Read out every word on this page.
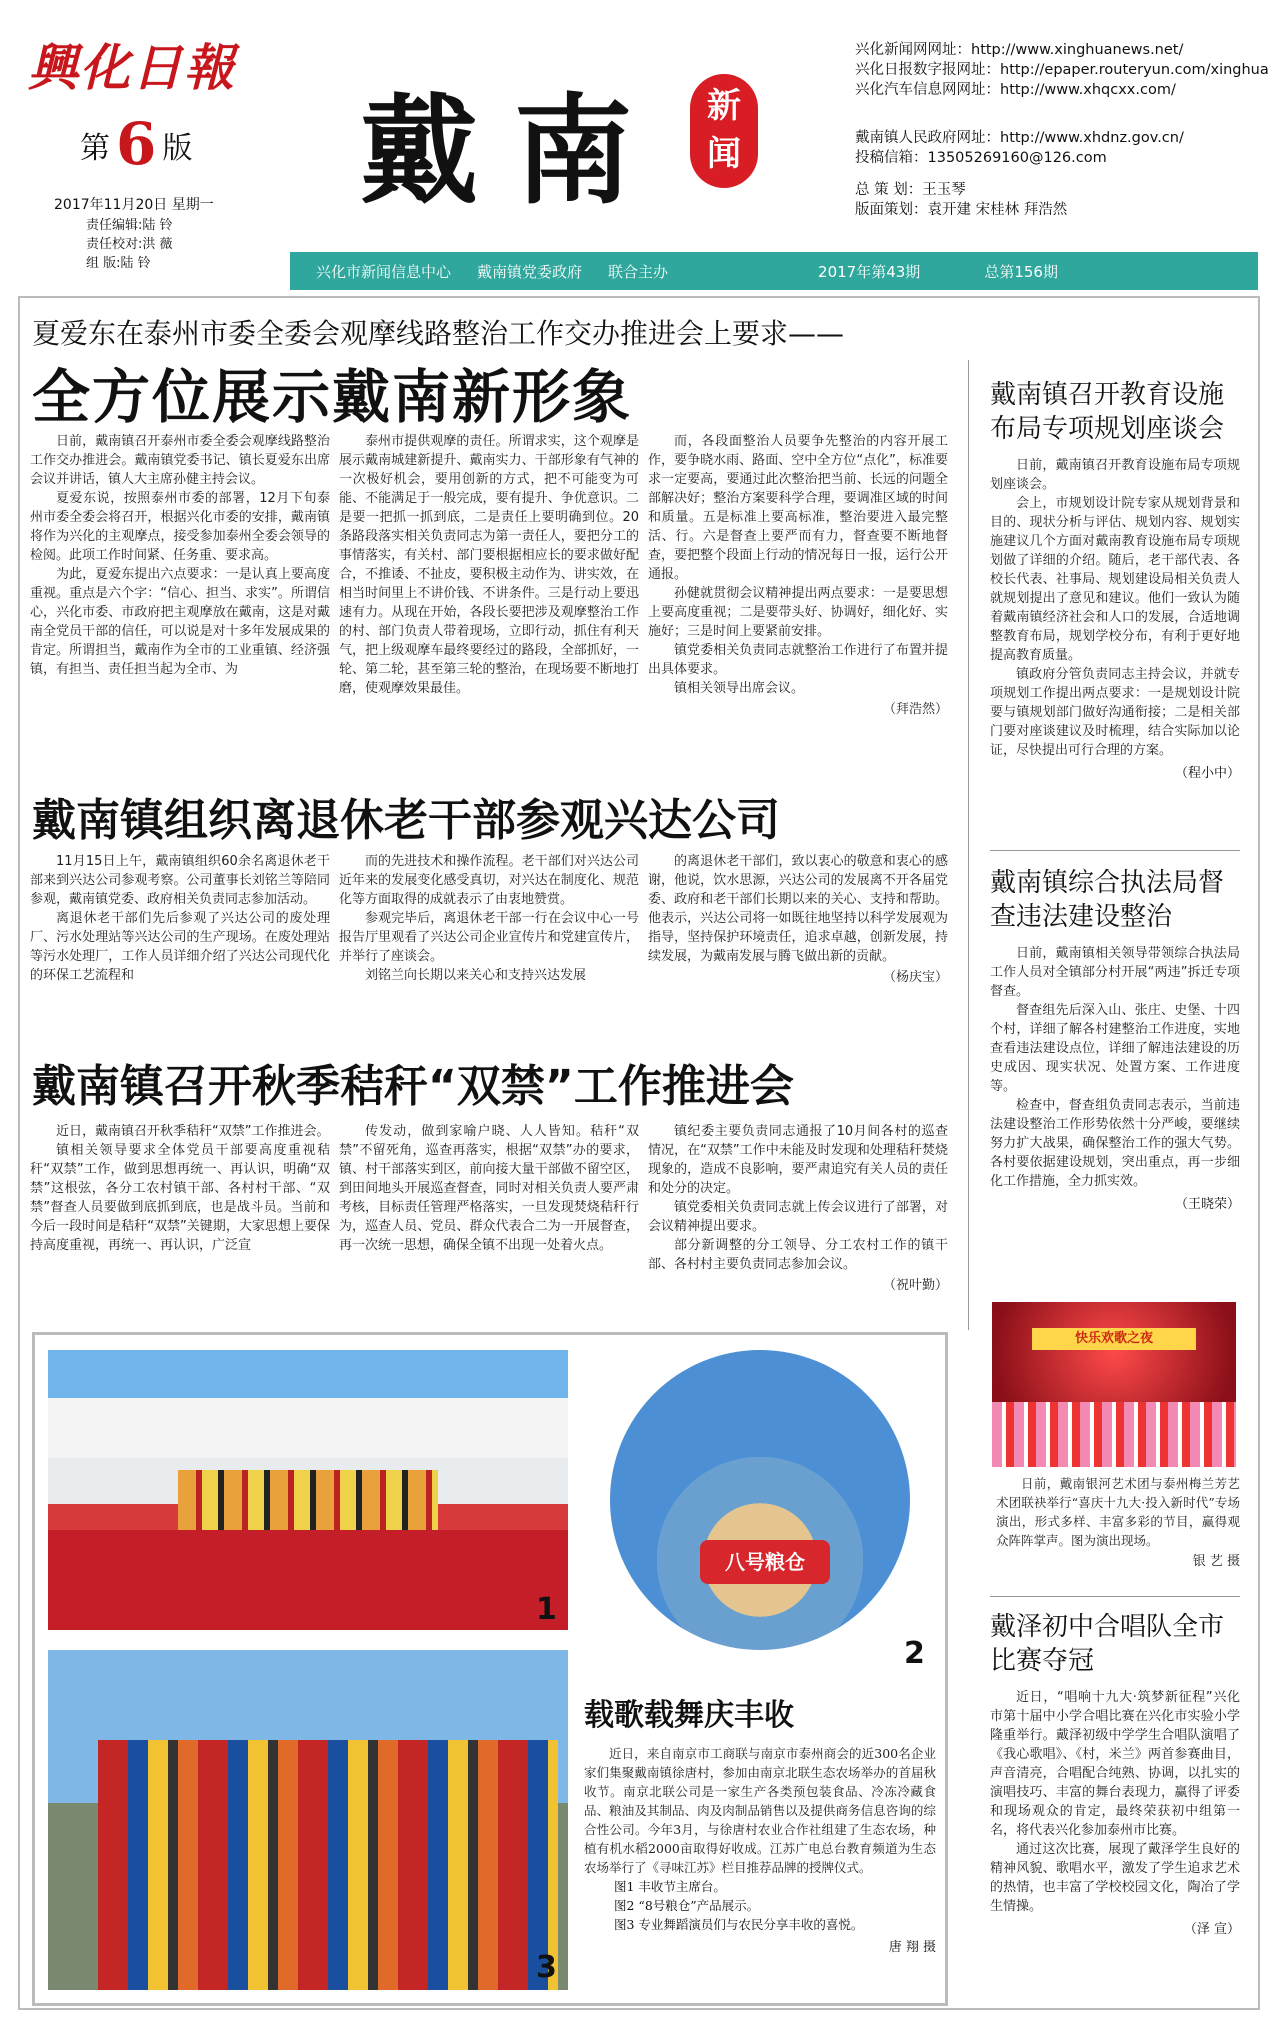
興化日報
第 6 版
2017年11月20日 星期一
责任编辑:陆 铃
责任校对:洪 薇
组 版:陆 铃
戴南	新
闻
兴化新闻网网址：http://www.xinghuanews.net/
兴化日报数字报网址：http://epaper.routeryun.com/xinghua
兴化汽车信息网网址：http://www.xhqcxx.com/
戴南镇人民政府网址：http://www.xhdnz.gov.cn/
投稿信箱：13505269160@126.com
总 策 划：王玉琴
版面策划：袁开建 宋桂林 拜浩然
兴化市新闻信息中心 戴南镇党委政府 联合主办	2017年第43期	总第156期
夏爱东在泰州市委全委会观摩线路整治工作交办推进会上要求——
全方位展示戴南新形象

日前，戴南镇召开泰州市委全委会观摩线路整治工作交办推进会。戴南镇党委书记、镇长夏爱东出席会议并讲话，镇人大主席孙健主持会议。

夏爱东说，按照泰州市委的部署，12月下旬泰州市委全委会将召开，根据兴化市委的安排，戴南镇将作为兴化的主观摩点，接受参加泰州全委会领导的检阅。此项工作时间紧、任务重、要求高。

为此，夏爱东提出六点要求：一是认真上要高度重视。重点是六个字：“信心、担当、求实”。所谓信心，兴化市委、市政府把主观摩放在戴南，这是对戴南全党员干部的信任，可以说是对十多年发展成果的肯定。所谓担当，戴南作为全市的工业重镇、经济强镇，有担当、责任担当起为全市、为

泰州市提供观摩的责任。所谓求实，这个观摩是展示戴南城建新提升、戴南实力、干部形象有气神的一次极好机会，要用创新的方式，把不可能变为可能、不能满足于一般完成，要有提升、争优意识。二是要一把抓一抓到底，二是责任上要明确到位。20条路段落实相关负责同志为第一责任人，要把分工的事情落实，有关村、部门要根据相应长的要求做好配合，不推诿、不扯皮，要积极主动作为、讲实效，在相当时间里上不讲价钱、不讲条件。三是行动上要迅速有力。从现在开始，各段长要把涉及观摩整治工作的村、部门负责人带着现场，立即行动，抓住有利天气，把上级观摩车最终要经过的路段，全部抓好，一轮、第二轮，甚至第三轮的整治，在现场要不断地打磨，使观摩效果最佳。

而，各段面整治人员要争先整治的内容开展工作，要争晓水雨、路面、空中全方位“点化”，标准要求一定要高，要通过此次整治把当前、长远的问题全部解决好；整治方案要科学合理，要调准区域的时间和质量。五是标准上要高标准，整治要进入最完整活、行。六是督查上要严而有力，督查要不断地督查，要把整个段面上行动的情况每日一报，运行公开通报。

孙健就贯彻会议精神提出两点要求：一是要思想上要高度重视；二是要带头好、协调好，细化好、实施好；三是时间上要紧前安排。

镇党委相关负责同志就整治工作进行了布置并提出具体要求。

镇相关领导出席会议。

（拜浩然）
戴南镇组织离退休老干部参观兴达公司

11月15日上午，戴南镇组织60余名离退休老干部来到兴达公司参观考察。公司董事长刘铭兰等陪同参观，戴南镇党委、政府相关负责同志参加活动。

离退休老干部们先后参观了兴达公司的废处理厂、污水处理站等兴达公司的生产现场。在废处理站等污水处理厂，工作人员详细介绍了兴达公司现代化的环保工艺流程和

而的先进技术和操作流程。老干部们对兴达公司近年来的发展变化感受真切，对兴达在制度化、规范化等方面取得的成就表示了由衷地赞赏。

参观完毕后，离退休老干部一行在会议中心一号报告厅里观看了兴达公司企业宣传片和党建宣传片，并举行了座谈会。

刘铭兰向长期以来关心和支持兴达发展

的离退休老干部们，致以衷心的敬意和衷心的感谢，他说，饮水思源，兴达公司的发展离不开各届党委、政府和老干部们长期以来的关心、支持和帮助。他表示，兴达公司将一如既往地坚持以科学发展观为指导，坚持保护环境责任，追求卓越，创新发展，持续发展，为戴南发展与腾飞做出新的贡献。

（杨庆宝）
戴南镇召开秋季秸秆“双禁”工作推进会

近日，戴南镇召开秋季秸秆“双禁”工作推进会。

镇相关领导要求全体党员干部要高度重视秸秆“双禁”工作，做到思想再统一、再认识，明确“双禁”这根弦，各分工农村镇干部、各村村干部、“双禁”督查人员要做到底抓到底，也是战斗员。当前和今后一段时间是秸秆“双禁”关键期，大家思想上要保持高度重视，再统一、再认识，广泛宣

传发动，做到家喻户晓、人人皆知。秸秆“双禁”不留死角，巡查再落实，根据“双禁”办的要求，镇、村干部落实到区，前向接大量干部做不留空区，到田间地头开展巡查督查，同时对相关负责人要严肃考核，目标责任管理严格落实，一旦发现焚烧秸秆行为，巡查人员、党员、群众代表合二为一开展督查，再一次统一思想，确保全镇不出现一处着火点。

镇纪委主要负责同志通报了10月间各村的巡查情况，在“双禁”工作中未能及时发现和处理秸秆焚烧现象的，造成不良影响，要严肃追究有关人员的责任和处分的决定。

镇党委相关负责同志就上传会议进行了部署，对会议精神提出要求。

部分新调整的分工领导、分工农村工作的镇干部、各村村主要负责同志参加会议。

（祝叶勤）
戴南镇召开教育设施布局专项规划座谈会

日前，戴南镇召开教育设施布局专项规划座谈会。

会上，市规划设计院专家从规划背景和目的、现状分析与评估、规划内容、规划实施建议几个方面对戴南教育设施布局专项规划做了详细的介绍。随后，老干部代表、各校长代表、社事局、规划建设局相关负责人就规划提出了意见和建议。他们一致认为随着戴南镇经济社会和人口的发展，合适地调整教育布局，规划学校分布，有利于更好地提高教育质量。

镇政府分管负责同志主持会议，并就专项规划工作提出两点要求：一是规划设计院要与镇规划部门做好沟通衔接；二是相关部门要对座谈建议及时梳理，结合实际加以论证，尽快提出可行合理的方案。

（程小中）
戴南镇综合执法局督查违法建设整治

日前，戴南镇相关领导带领综合执法局工作人员对全镇部分村开展“两违”拆迁专项督查。

督查组先后深入山、张庄、史堡、十四个村，详细了解各村建整治工作进度，实地查看违法建设点位，详细了解违法建设的历史成因、现实状况、处置方案、工作进度等。

检查中，督查组负责同志表示，当前违法建设整治工作形势依然十分严峻，要继续努力扩大战果，确保整治工作的强大气势。各村要依据建设规划，突出重点，再一步细化工作措施，全力抓实效。

（王晓荣）
快乐欢歌之夜

日前，戴南银河艺术团与泰州梅兰芳艺术团联袂举行“喜庆十九大·投入新时代”专场演出，形式多样、丰富多彩的节目，赢得观众阵阵掌声。图为演出现场。

银 艺 摄
戴泽初中合唱队全市比赛夺冠

近日，“唱响十九大·筑梦新征程”兴化市第十届中小学合唱比赛在兴化市实验小学隆重举行。戴泽初级中学学生合唱队演唱了《我心歌唱》、《村，米兰》两首参赛曲目，声音清亮，合唱配合纯熟、协调，以扎实的演唱技巧、丰富的舞台表现力，赢得了评委和现场观众的肯定，最终荣获初中组第一名，将代表兴化参加泰州市比赛。

通过这次比赛，展现了戴泽学生良好的精神风貌、歌唱水平，激发了学生追求艺术的热情，也丰富了学校校园文化，陶冶了学生情操。

（泽 宣）
1
八号粮仓
2
3
载歌载舞庆丰收

近日，来自南京市工商联与南京市泰州商会的近300名企业家们集聚戴南镇徐唐村，参加由南京北联生态农场举办的首届秋收节。南京北联公司是一家生产各类预包装食品、冷冻冷藏食品、粮油及其制品、肉及肉制品销售以及提供商务信息咨询的综合性公司。今年3月，与徐唐村农业合作社组建了生态农场，种植有机水稻2000亩取得好收成。江苏广电总台教育频道为生态农场举行了《寻味江苏》栏目推荐品牌的授牌仪式。

图1 丰收节主席台。
图2 “8号粮仓”产品展示。
图3 专业舞蹈演员们与农民分享丰收的喜悦。
唐 翔 摄
